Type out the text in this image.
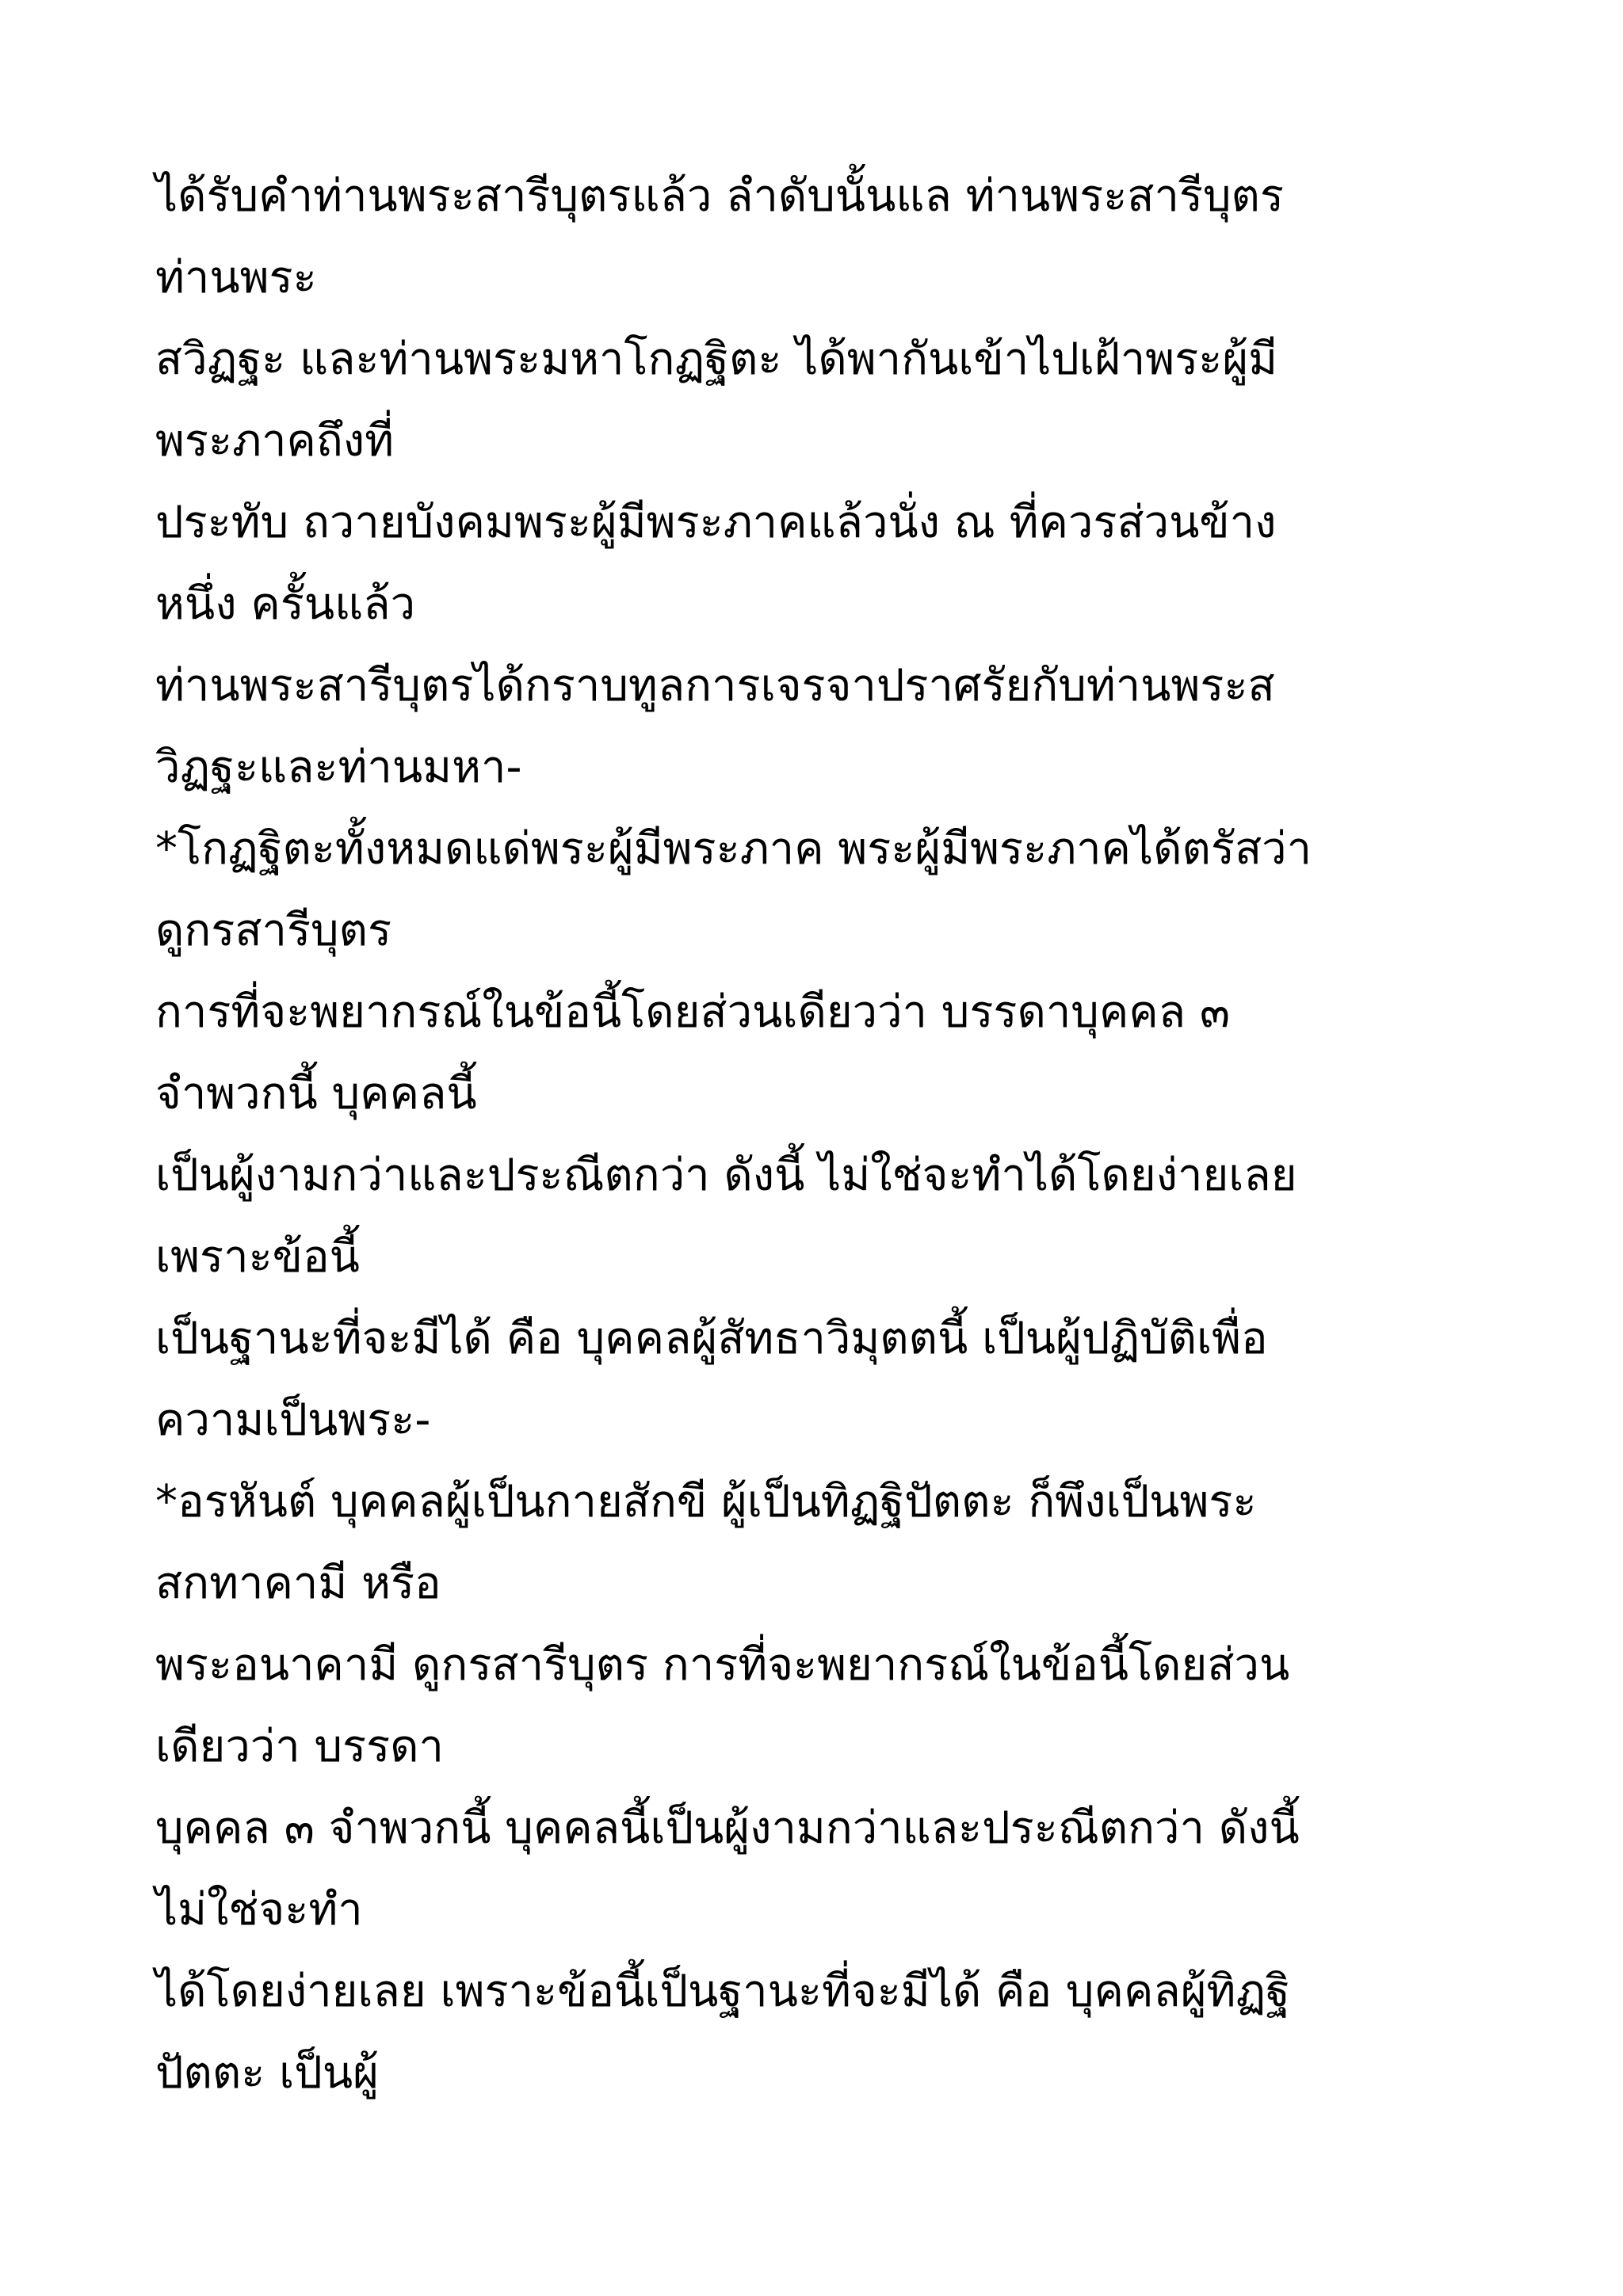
ได้รับคำท่านพระสารีบุตรแล้ว ลำดับนั้นแล ท่านพระสารีบุตร
ท่านพระ
สวิฏฐะ และท่านพระมหาโกฏฐิตะ ได้พากันเข้าไปเฝ้าพระผู้มี
พระภาคถึงที่
ประทับ ถวายบังคมพระผู้มีพระภาคแล้วนั่ง ณ ที่ควรส่วนข้าง
หนึ่ง ครั้นแล้ว
ท่านพระสารีบุตรได้กราบทูลการเจรจาปราศรัยกับท่านพระส
วิฏฐะและท่านมหา-
*โกฏฐิตะทั้งหมดแด่พระผู้มีพระภาค พระผู้มีพระภาคได้ตรัสว่า
ดูกรสารีบุตร
การที่จะพยากรณ์ในข้อนี้โดยส่วนเดียวว่า บรรดาบุคคล ๓
จำพวกนี้ บุคคลนี้
เป็นผู้งามกว่าและประณีตกว่า ดังนี้ ไม่ใช่จะทำได้โดยง่ายเลย
เพราะข้อนี้
เป็นฐานะที่จะมีได้ คือ บุคคลผู้สัทธาวิมุตตนี้ เป็นผู้ปฏิบัติเพื่อ
ความเป็นพระ-
*อรหันต์ บุคคลผู้เป็นกายสักขี ผู้เป็นทิฏฐิปัตตะ ก็พึงเป็นพระ
สกทาคามี หรือ
พระอนาคามี ดูกรสารีบุตร การที่จะพยากรณ์ในข้อนี้โดยส่วน
เดียวว่า บรรดา
บุคคล ๓ จำพวกนี้ บุคคลนี้เป็นผู้งามกว่าและประณีตกว่า ดังนี้
ไม่ใช่จะทำ
ได้โดยง่ายเลย เพราะข้อนี้เป็นฐานะที่จะมีได้ คือ บุคคลผู้ทิฏฐิ
ปัตตะ เป็นผู้
